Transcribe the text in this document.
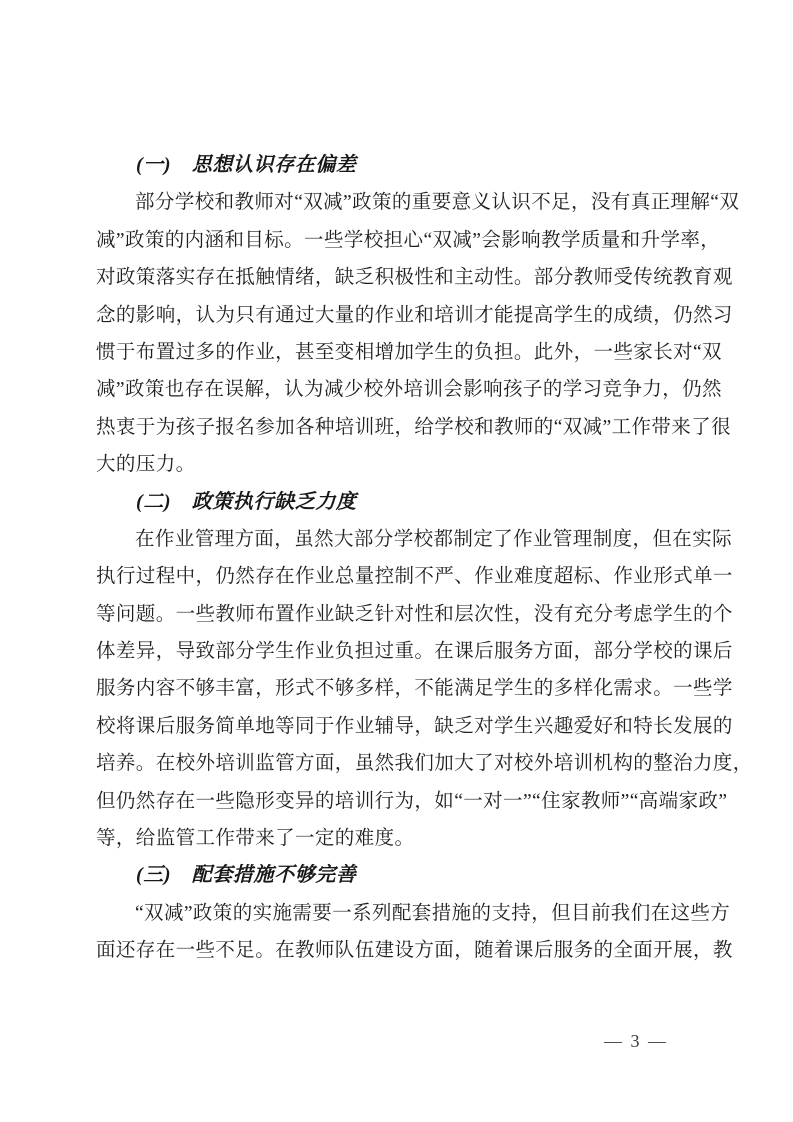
(一)　思想认识存在偏差
部分学校和教师对“双减”政策的重要意义认识不足，没有真正理解“双
减”政策的内涵和目标。一些学校担心“双减”会影响教学质量和升学率，
对政策落实存在抵触情绪，缺乏积极性和主动性。部分教师受传统教育观
念的影响，认为只有通过大量的作业和培训才能提高学生的成绩，仍然习
惯于布置过多的作业，甚至变相增加学生的负担。此外，一些家长对“双
减”政策也存在误解，认为减少校外培训会影响孩子的学习竞争力，仍然
热衷于为孩子报名参加各种培训班，给学校和教师的“双减”工作带来了很
大的压力。
(二)　政策执行缺乏力度
在作业管理方面，虽然大部分学校都制定了作业管理制度，但在实际
执行过程中，仍然存在作业总量控制不严、作业难度超标、作业形式单一
等问题。一些教师布置作业缺乏针对性和层次性，没有充分考虑学生的个
体差异，导致部分学生作业负担过重。在课后服务方面，部分学校的课后
服务内容不够丰富，形式不够多样，不能满足学生的多样化需求。一些学
校将课后服务简单地等同于作业辅导，缺乏对学生兴趣爱好和特长发展的
培养。在校外培训监管方面，虽然我们加大了对校外培训机构的整治力度，
但仍然存在一些隐形变异的培训行为，如“一对一”“住家教师”“高端家政”
等，给监管工作带来了一定的难度。
(三)　配套措施不够完善
“双减”政策的实施需要一系列配套措施的支持，但目前我们在这些方
面还存在一些不足。在教师队伍建设方面，随着课后服务的全面开展，教
— 3 —
